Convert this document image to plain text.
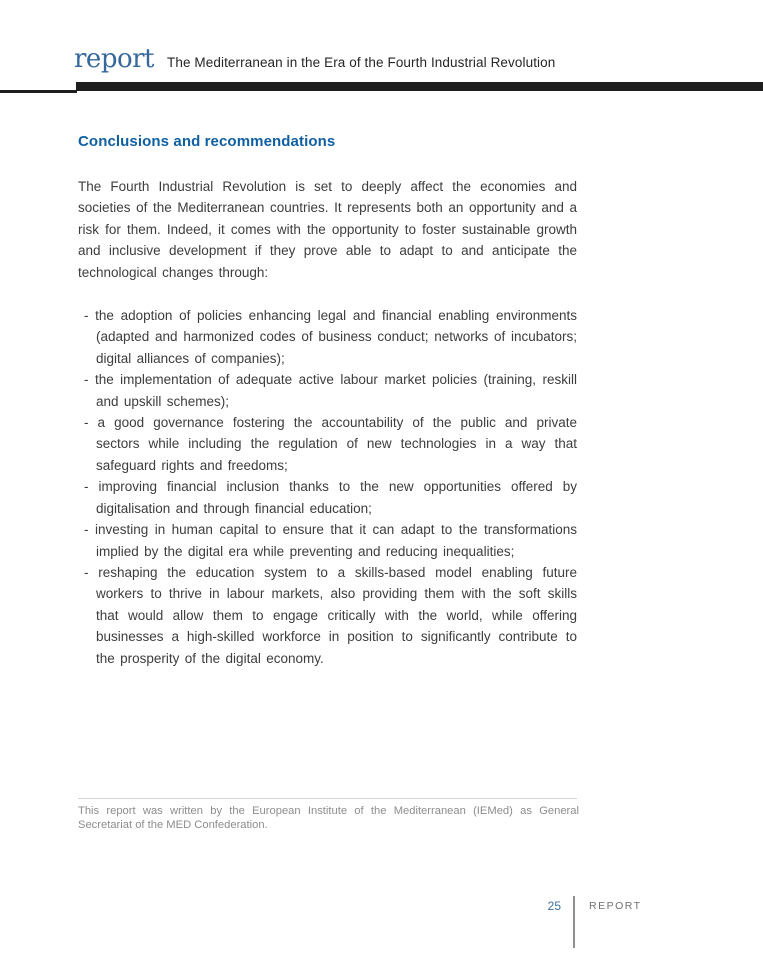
report The Mediterranean in the Era of the Fourth Industrial Revolution
Conclusions and recommendations

The Fourth Industrial Revolution is set to deeply affect the economies and societies of the Mediterranean countries. It represents both an opportunity and a risk for them. Indeed, it comes with the opportunity to foster sustainable growth and inclusive development if they prove able to adapt to and anticipate the technological changes through:

- the adoption of policies enhancing legal and financial enabling environments (adapted and harmonized codes of business conduct; networks of incubators; digital alliances of companies);
- the implementation of adequate active labour market policies (training, reskill and upskill schemes);
- a good governance fostering the accountability of the public and private sectors while including the regulation of new technologies in a way that safeguard rights and freedoms;
- improving financial inclusion thanks to the new opportunities offered by digitalisation and through financial education;
- investing in human capital to ensure that it can adapt to the transformations implied by the digital era while preventing and reducing inequalities;
- reshaping the education system to a skills-based model enabling future workers to thrive in labour markets, also providing them with the soft skills that would allow them to engage critically with the world, while offering businesses a high-skilled workforce in position to significantly contribute to the prosperity of the digital economy.

This report was written by the European Institute of the Mediterranean (IEMed) as General Secretariat of the MED Confederation.

25	REPORT
